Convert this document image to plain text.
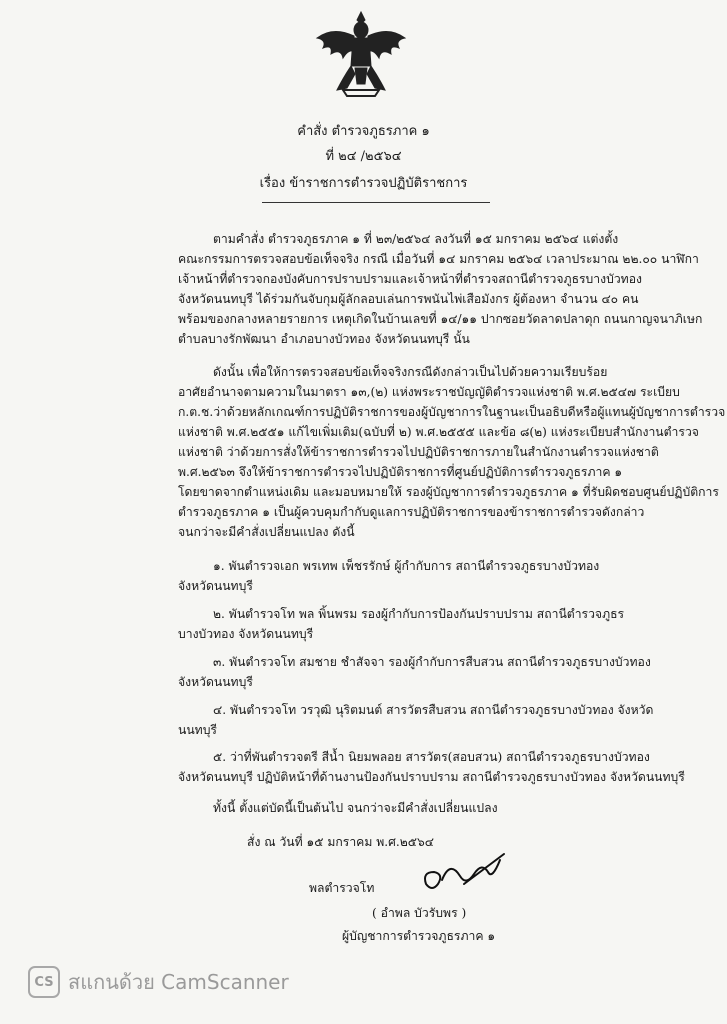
คำสั่ง ตำรวจภูธรภาค ๑
ที่ ๒๔ /๒๕๖๔
เรื่อง ข้าราชการตำรวจปฏิบัติราชการ
ตามคำสั่ง ตำรวจภูธรภาค ๑ ที่ ๒๓/๒๕๖๔ ลงวันที่ ๑๕ มกราคม ๒๕๖๔ แต่งตั้ง
คณะกรรมการตรวจสอบข้อเท็จจริง กรณี เมื่อวันที่ ๑๔ มกราคม ๒๕๖๔ เวลาประมาณ ๒๒.๐๐ นาฬิกา
เจ้าหน้าที่ตำรวจกองบังคับการปราบปรามและเจ้าหน้าที่ตำรวจสถานีตำรวจภูธรบางบัวทอง
จังหวัดนนทบุรี ได้ร่วมกันจับกุมผู้ลักลอบเล่นการพนันไพ่เสือมังกร ผู้ต้องหา จำนวน ๔๐ คน
พร้อมของกลางหลายรายการ เหตุเกิดในบ้านเลขที่ ๑๔/๑๑ ปากซอยวัดลาดปลาดุก ถนนกาญจนาภิเษก
ตำบลบางรักพัฒนา อำเภอบางบัวทอง จังหวัดนนทบุรี นั้น
ดังนั้น เพื่อให้การตรวจสอบข้อเท็จจริงกรณีดังกล่าวเป็นไปด้วยความเรียบร้อย
อาศัยอำนาจตามความในมาตรา ๑๓,(๒) แห่งพระราชบัญญัติตำรวจแห่งชาติ พ.ศ.๒๕๔๗ ระเบียบ
ก.ต.ช.ว่าด้วยหลักเกณฑ์การปฏิบัติราชการของผู้บัญชาการในฐานะเป็นอธิบดีหรือผู้แทนผู้บัญชาการตำรวจ
แห่งชาติ พ.ศ.๒๕๕๑ แก้ไขเพิ่มเติม(ฉบับที่ ๒) พ.ศ.๒๕๕๕ และข้อ ๘(๒) แห่งระเบียบสำนักงานตำรวจ
แห่งชาติ ว่าด้วยการสั่งให้ข้าราชการตำรวจไปปฏิบัติราชการภายในสำนักงานตำรวจแห่งชาติ
พ.ศ.๒๕๖๓ จึงให้ข้าราชการตำรวจไปปฏิบัติราชการที่ศูนย์ปฏิบัติการตำรวจภูธรภาค ๑
โดยขาดจากตำแหน่งเดิม และมอบหมายให้ รองผู้บัญชาการตำรวจภูธรภาค ๑ ที่รับผิดชอบศูนย์ปฏิบัติการ
ตำรวจภูธรภาค ๑ เป็นผู้ควบคุมกำกับดูแลการปฏิบัติราชการของข้าราชการตำรวจดังกล่าว
จนกว่าจะมีคำสั่งเปลี่ยนแปลง ดังนี้
๑. พันตำรวจเอก พรเทพ เพ็ชรรักษ์ ผู้กำกับการ สถานีตำรวจภูธรบางบัวทอง
จังหวัดนนทบุรี
๒. พันตำรวจโท พล พิ้นพรม รองผู้กำกับการป้องกันปราบปราม สถานีตำรวจภูธร
บางบัวทอง จังหวัดนนทบุรี
๓. พันตำรวจโท สมชาย ชำสัจจา รองผู้กำกับการสืบสวน สถานีตำรวจภูธรบางบัวทอง
จังหวัดนนทบุรี
๔. พันตำรวจโท วรวุฒิ นุริตมนต์ สารวัตรสืบสวน สถานีตำรวจภูธรบางบัวทอง จังหวัด
นนทบุรี
๕. ว่าที่พันตำรวจตรี สีน้ำ นิยมพลอย สารวัตร(สอบสวน) สถานีตำรวจภูธรบางบัวทอง
จังหวัดนนทบุรี ปฏิบัติหน้าที่ด้านงานป้องกันปราบปราม สถานีตำรวจภูธรบางบัวทอง จังหวัดนนทบุรี
ทั้งนี้ ตั้งแต่บัดนี้เป็นต้นไป จนกว่าจะมีคำสั่งเปลี่ยนแปลง
สั่ง ณ วันที่ ๑๕ มกราคม พ.ศ.๒๕๖๔
พลตำรวจโท
( อำพล บัวรับพร )
ผู้บัญชาการตำรวจภูธรภาค ๑
CS สแกนด้วย CamScanner
